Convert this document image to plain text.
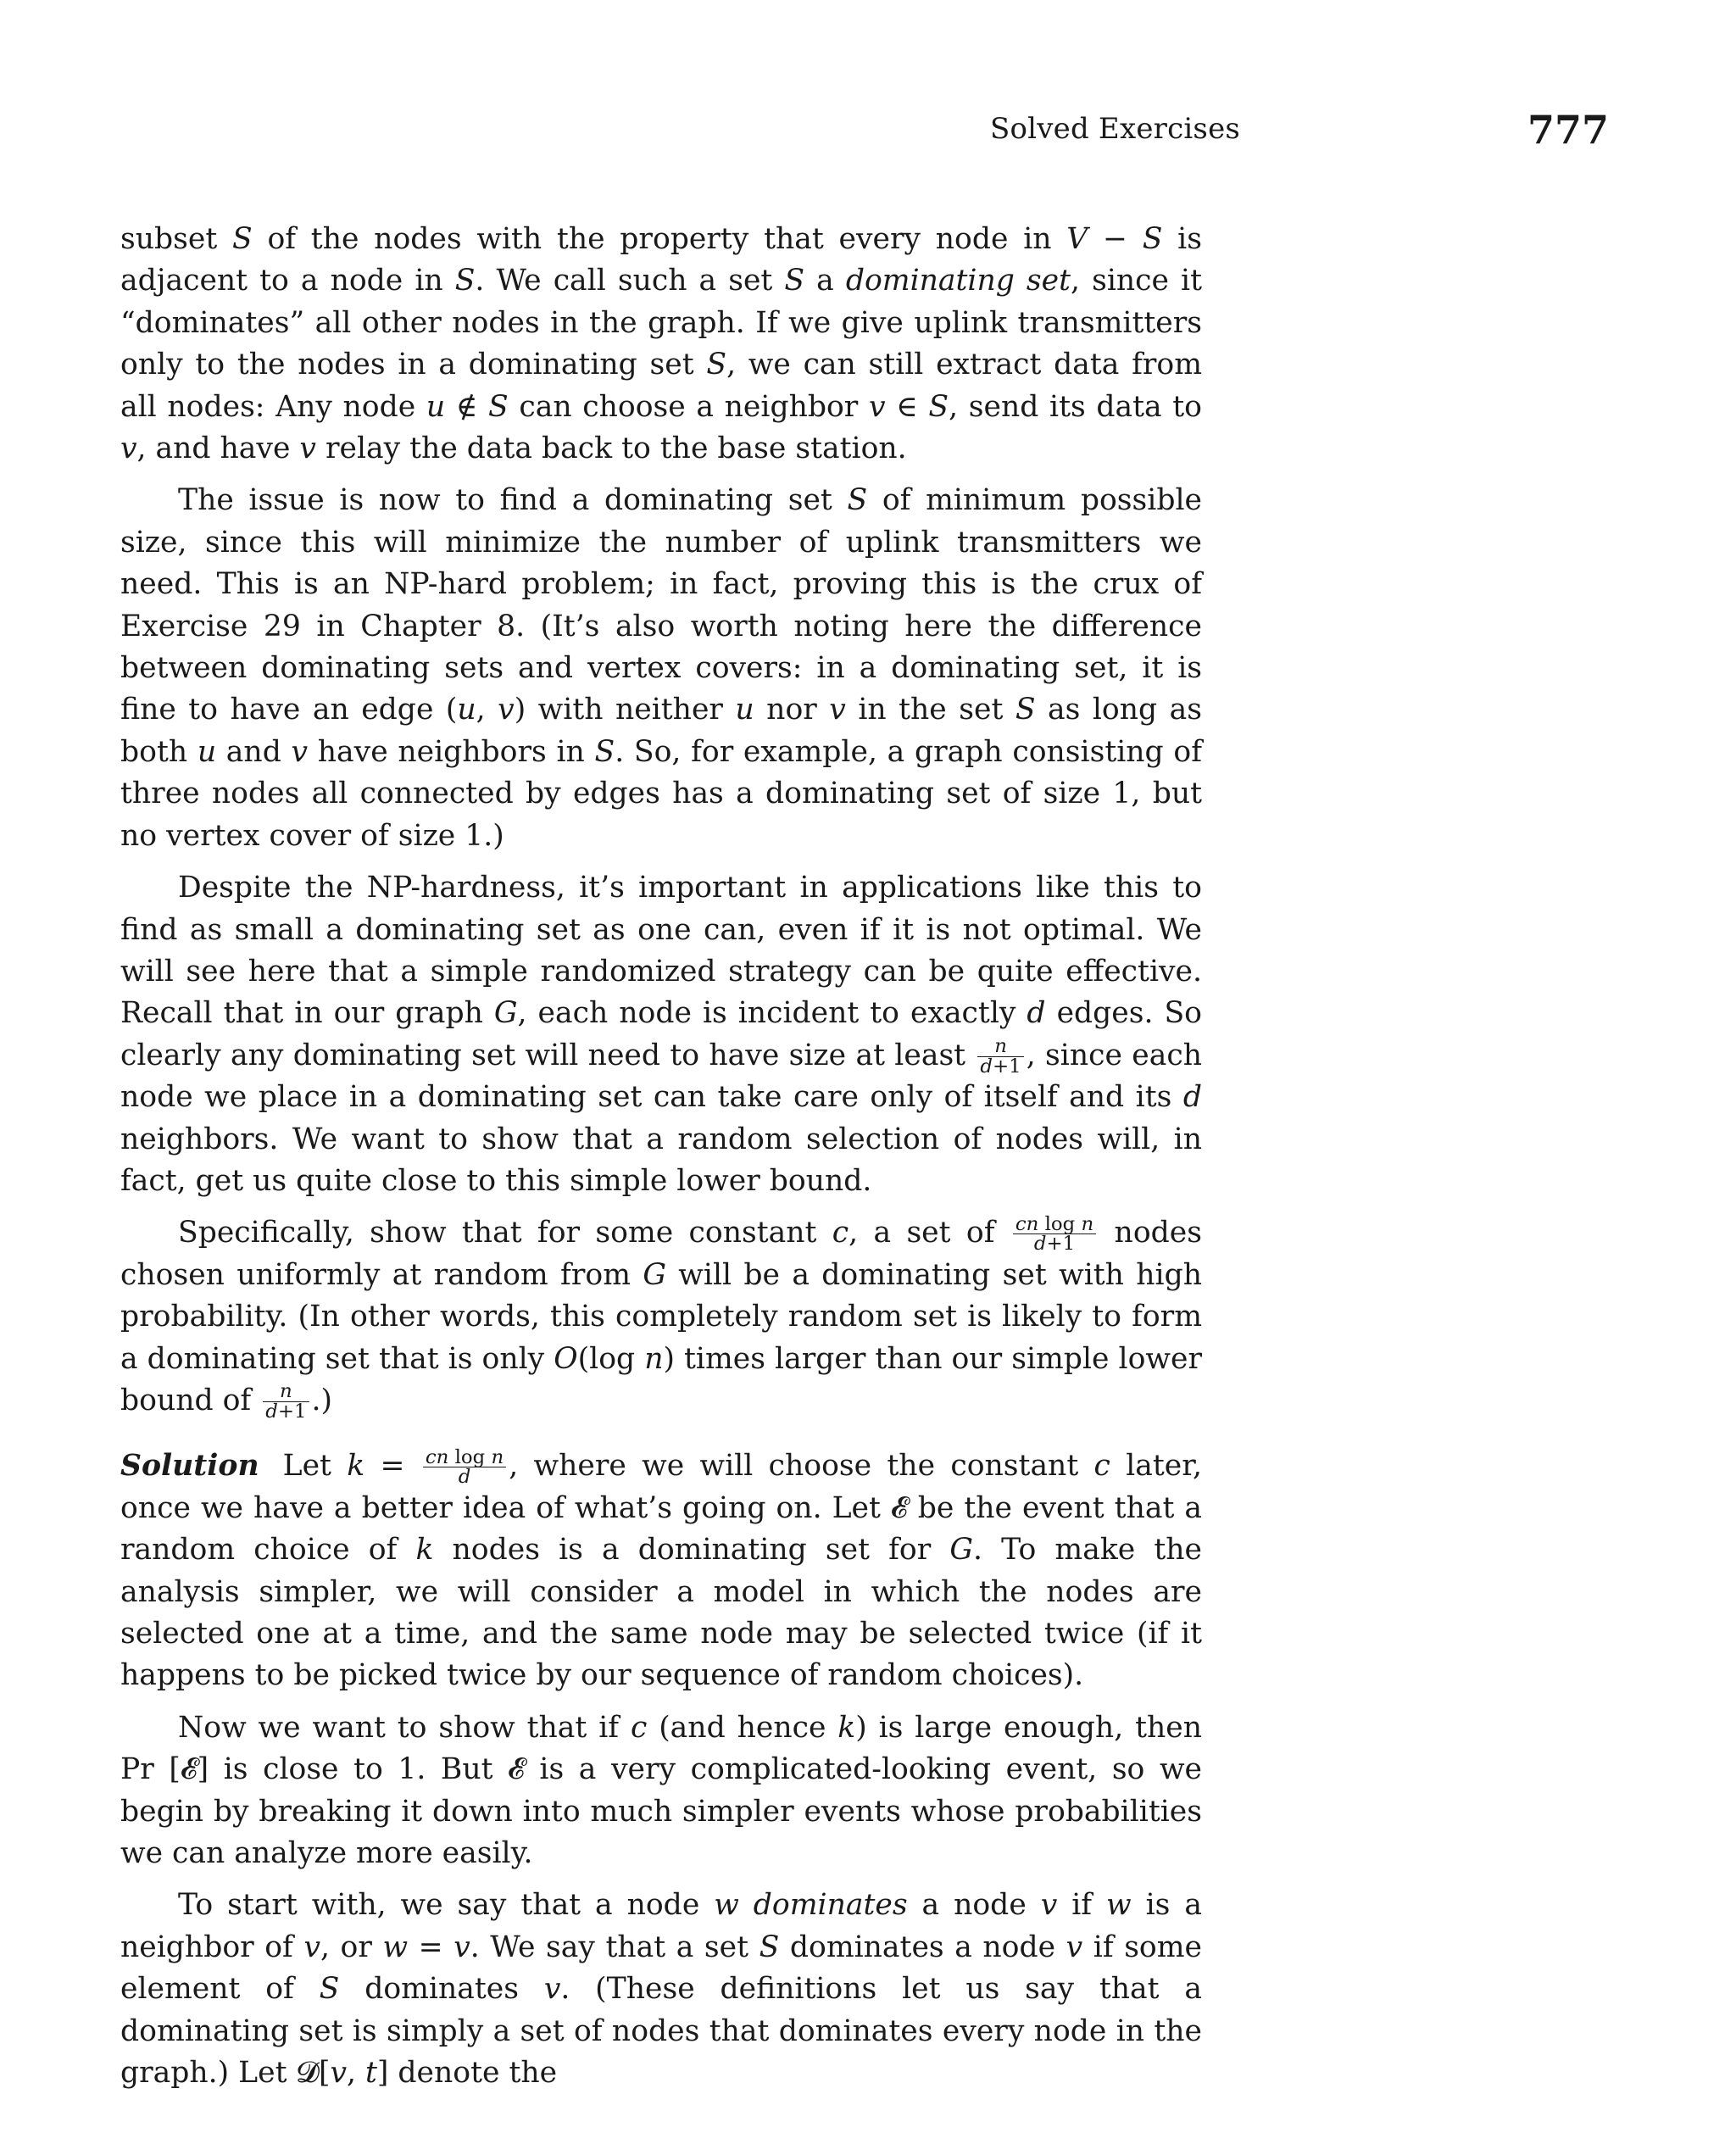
Solved Exercises	777

subset S of the nodes with the property that every node in V − S is adjacent to a node in S. We call such a set S a dominating set, since it “dominates” all other nodes in the graph. If we give uplink transmitters only to the nodes in a dominating set S, we can still extract data from all nodes: Any node u ∉ S can choose a neighbor v ∈ S, send its data to v, and have v relay the data back to the base station.

The issue is now to find a dominating set S of minimum possible size, since this will minimize the number of uplink transmitters we need. This is an NP-hard problem; in fact, proving this is the crux of Exercise 29 in Chapter 8. (It’s also worth noting here the difference between dominating sets and vertex covers: in a dominating set, it is fine to have an edge (u, v) with neither u nor v in the set S as long as both u and v have neighbors in S. So, for example, a graph consisting of three nodes all connected by edges has a dominating set of size 1, but no vertex cover of size 1.)

Despite the NP-hardness, it’s important in applications like this to find as small a dominating set as one can, even if it is not optimal. We will see here that a simple randomized strategy can be quite effective. Recall that in our graph G, each node is incident to exactly d edges. So clearly any dominating set will need to have size at least $\frac{n}{d+1}$ , since each node we place in a dominating set can take care only of itself and its d neighbors. We want to show that a random selection of nodes will, in fact, get us quite close to this simple lower bound.

Specifically, show that for some constant c, a set of $\frac{\text{cn log n}}{d+1}$ nodes chosen uniformly at random from G will be a dominating set with high probability. (In other words, this completely random set is likely to form a dominating set that is only O(log n) times larger than our simple lower bound of $\frac{n}{d+1}$ .)

Solution Let $k = \frac{\text{cn log n}}{d}$ , where we will choose the constant c later, once we have a better idea of what’s going on. Let 𝓔 be the event that a random choice of k nodes is a dominating set for G. To make the analysis simpler, we will consider a model in which the nodes are selected one at a time, and the same node may be selected twice (if it happens to be picked twice by our sequence of random choices).

Now we want to show that if c (and hence k) is large enough, then Pr [𝓔] is close to 1. But 𝓔 is a very complicated-looking event, so we begin by breaking it down into much simpler events whose probabilities we can analyze more easily.

To start with, we say that a node w dominates a node v if w is a neighbor of v, or w = v. We say that a set S dominates a node v if some element of S dominates v. (These definitions let us say that a dominating set is simply a set of nodes that dominates every node in the graph.) Let 𝓓[v, t] denote the
